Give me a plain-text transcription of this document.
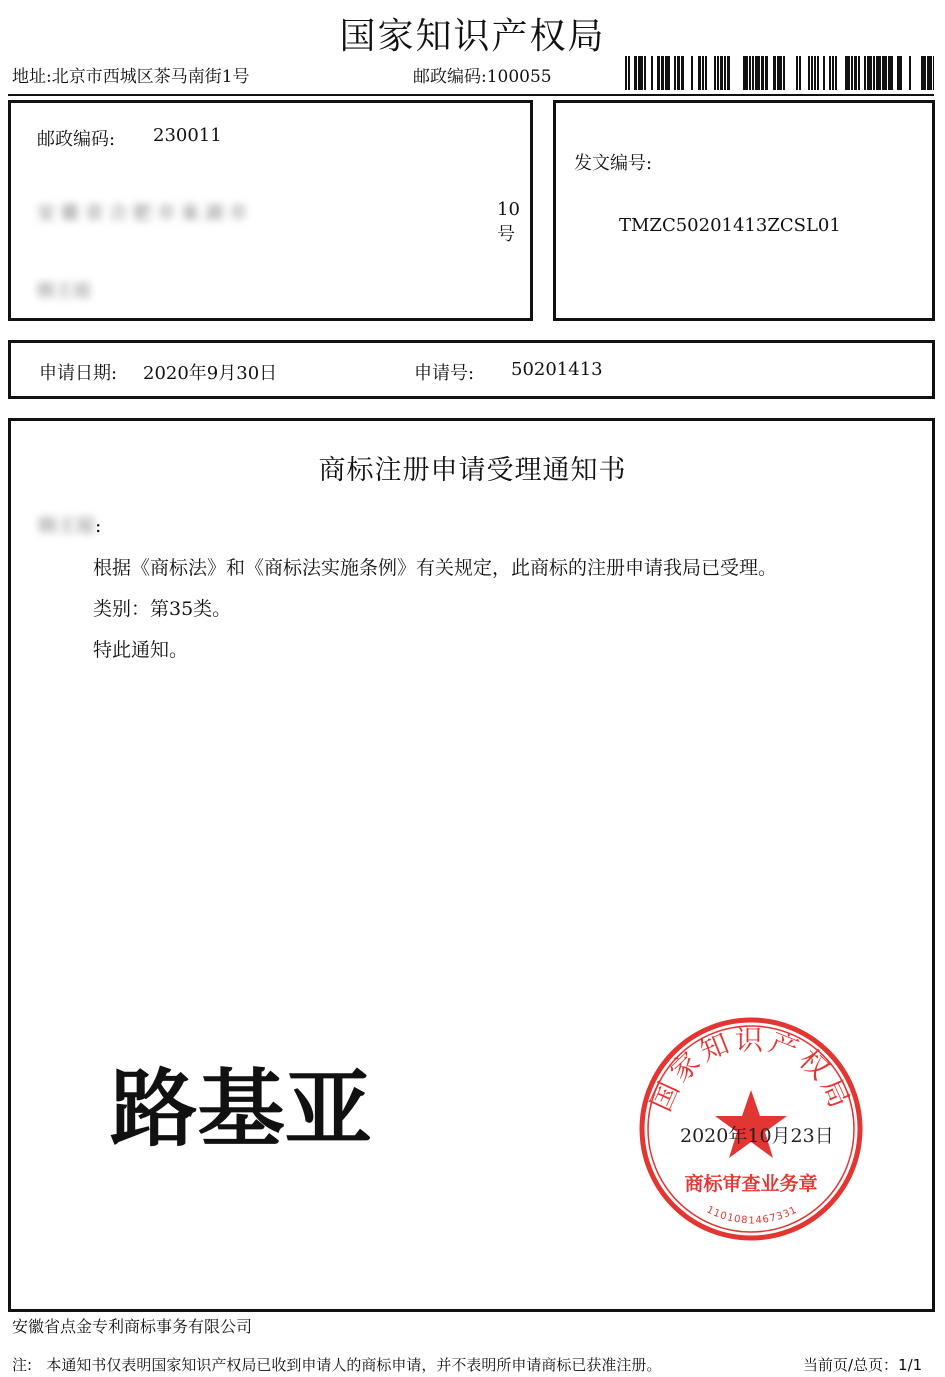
国家知识产权局
地址:北京市西城区茶马南街1号	邮政编码:100055
邮政编码: 230011
安徽省合肥市巢湖市	10号
韩王琼
发文编号:
TMZC50201413ZCSL01
申请日期: 2020年9月30日	申请号: 50201413
商标注册申请受理通知书
韩王琼:
根据《商标法》和《商标法实施条例》有关规定，此商标的注册申请我局已受理。
类别：第35类。
特此通知。
路基亚	国家知识产权局
商标审查业务章
1101081467331
2020年10月23日
安徽省点金专利商标事务有限公司
注:   本通知书仅表明国家知识产权局已收到申请人的商标申请，并不表明所申请商标已获准注册。	当前页/总页：1/1
